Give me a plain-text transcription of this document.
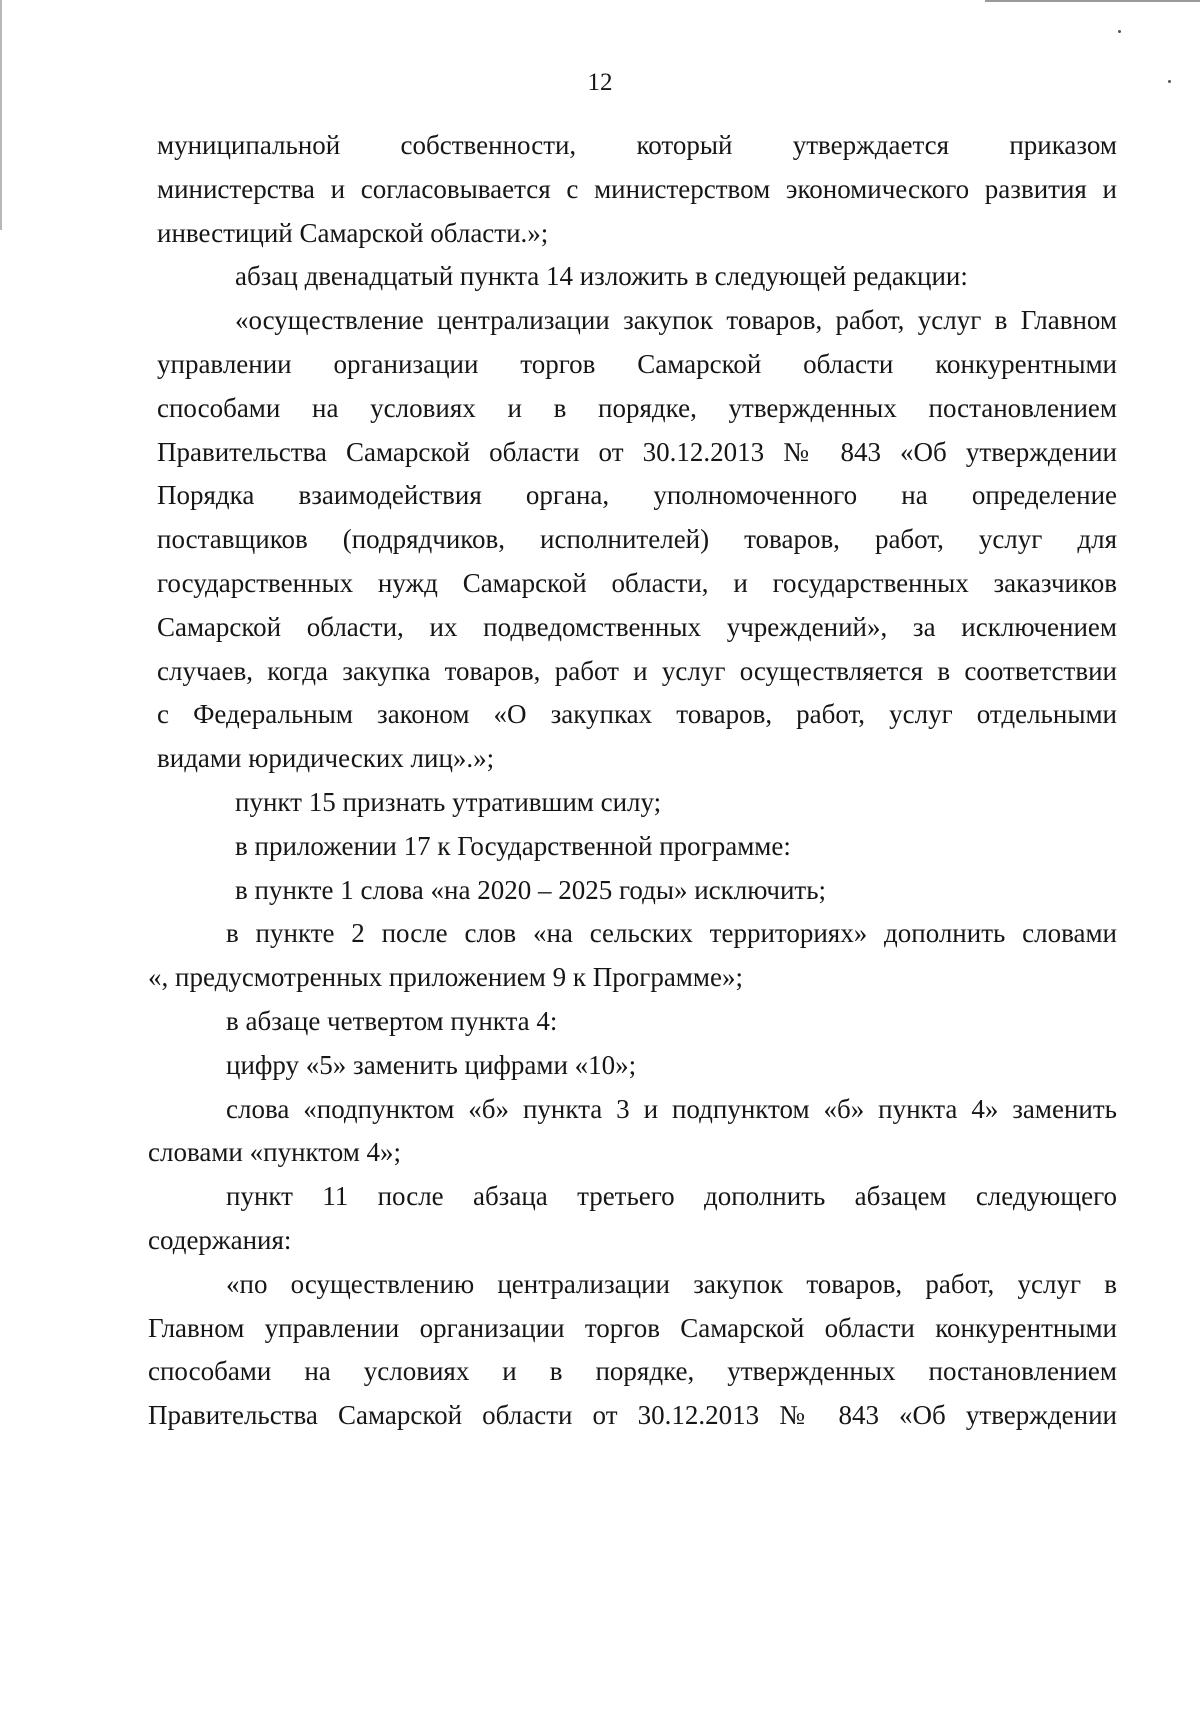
12

муниципальной собственности, который утверждается приказом

министерства и согласовывается с министерством экономического развития и

инвестиций Самарской области.»;

абзац двенадцатый пункта 14 изложить в следующей редакции:

«осуществление централизации закупок товаров, работ, услуг в Главном

управлении организации торгов Самарской области конкурентными

способами на условиях и в порядке, утвержденных постановлением

Правительства Самарской области от 30.12.2013 № 843 «Об утверждении

Порядка взаимодействия органа, уполномоченного на определение

поставщиков (подрядчиков, исполнителей) товаров, работ, услуг для

государственных нужд Самарской области, и государственных заказчиков

Самарской области, их подведомственных учреждений», за исключением

случаев, когда закупка товаров, работ и услуг осуществляется в соответствии

с Федеральным законом «О закупках товаров, работ, услуг отдельными

видами юридических лиц».»;

пункт 15 признать утратившим силу;

в приложении 17 к Государственной программе:

в пункте 1 слова «на 2020 – 2025 годы» исключить;

в пункте 2 после слов «на сельских территориях» дополнить словами

«, предусмотренных приложением 9 к Программе»;

в абзаце четвертом пункта 4:

цифру «5» заменить цифрами «10»;

слова «подпунктом «б» пункта 3 и подпунктом «б» пункта 4» заменить

словами «пунктом 4»;

пункт 11 после абзаца третьего дополнить абзацем следующего

содержания:

«по осуществлению централизации закупок товаров, работ, услуг в

Главном управлении организации торгов Самарской области конкурентными

способами на условиях и в порядке, утвержденных постановлением

Правительства Самарской области от 30.12.2013 № 843 «Об утверждении
